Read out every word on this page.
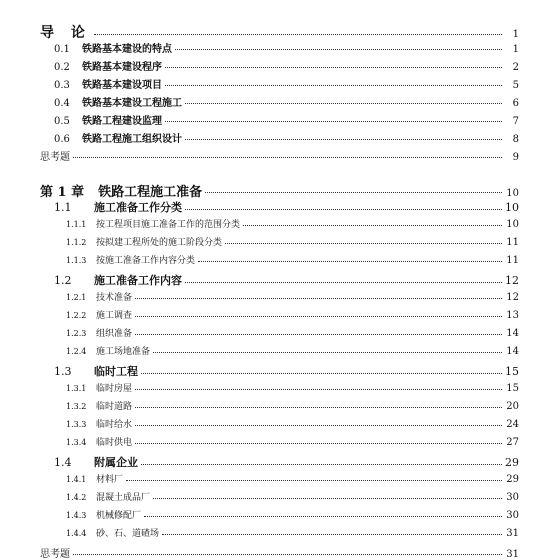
导 论	1
0.1	铁路基本建设的特点	1
0.2	铁路基本建设程序	2
0.3	铁路基本建设项目	5
0.4	铁路基本建设工程施工	6
0.5	铁路工程建设监理	7
0.6	铁路工程施工组织设计	8
思考题	9
第 1 章 铁路工程施工准备	10
1.1	施工准备工作分类	10
1.1.1	按工程项目施工准备工作的范围分类	10
1.1.2	按拟建工程所处的施工阶段分类	11
1.1.3	按施工准备工作内容分类	11
1.2	施工准备工作内容	12
1.2.1	技术准备	12
1.2.2	施工调查	13
1.2.3	组织准备	14
1.2.4	施工场地准备	14
1.3	临时工程	15
1.3.1	临时房屋	15
1.3.2	临时道路	20
1.3.3	临时给水	24
1.3.4	临时供电	27
1.4	附属企业	29
1.4.1	材料厂	29
1.4.2	混凝土成品厂	30
1.4.3	机械修配厂	30
1.4.4	砂、石、道碴场	31
思考题	31
